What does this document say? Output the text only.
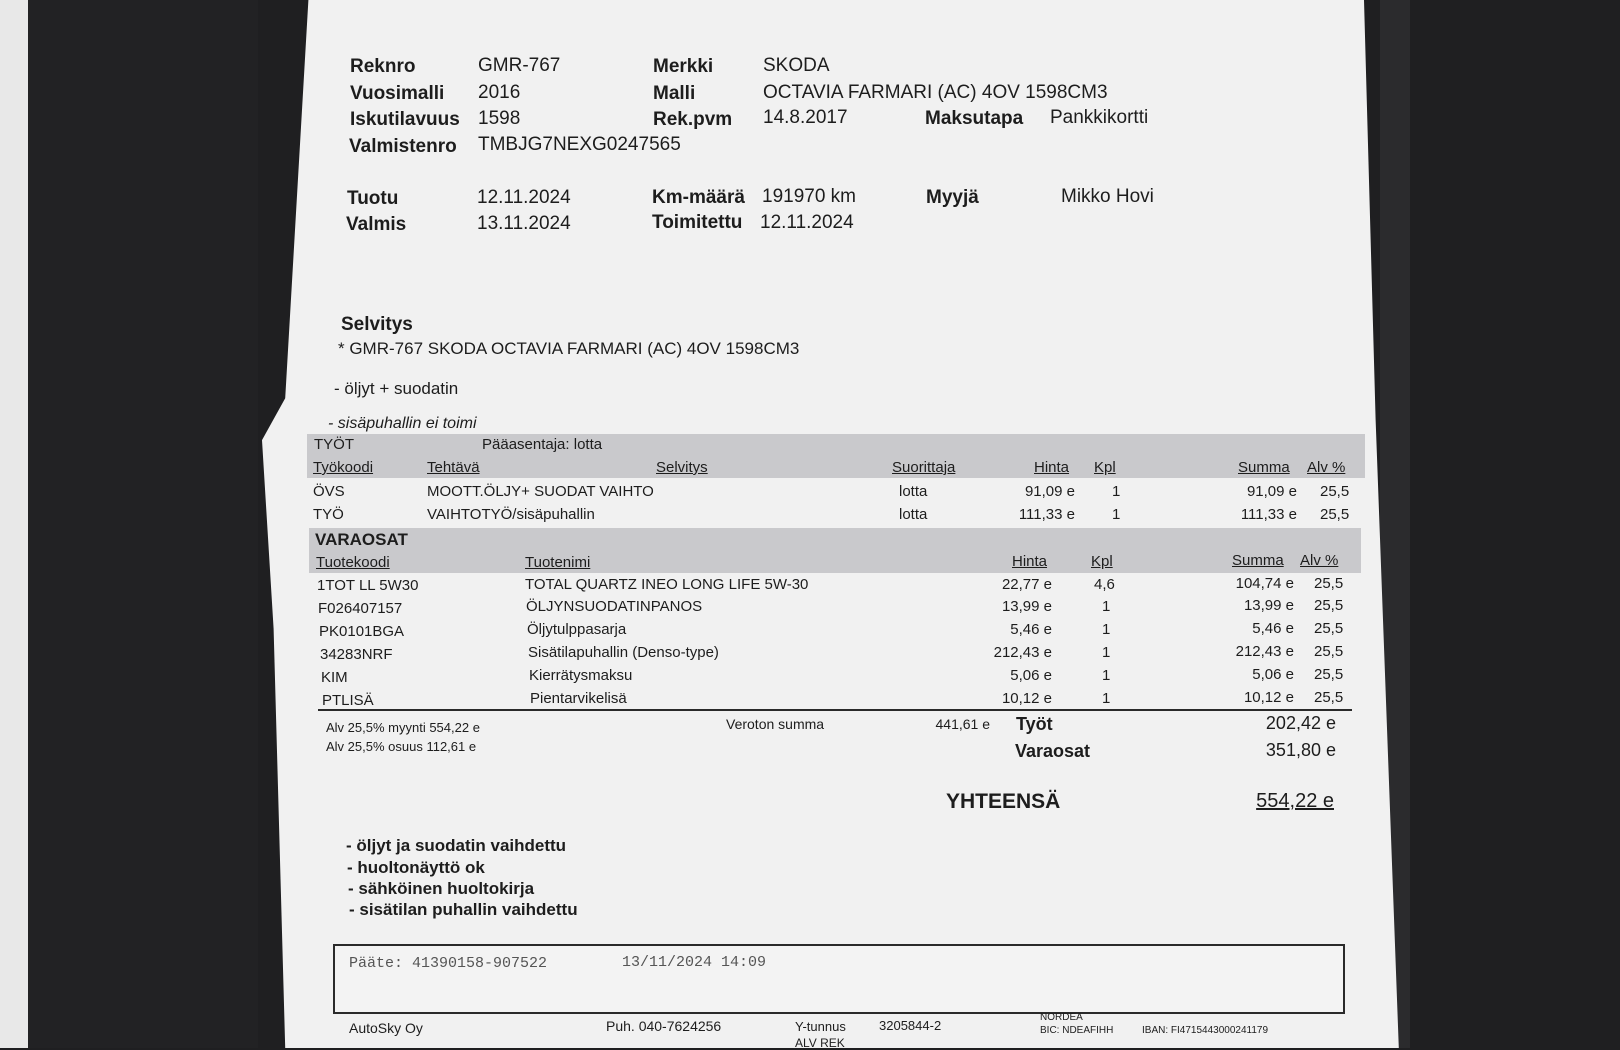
Reknro	GMR-767	Merkki	SKODA
Vuosimalli 2016	Malli	OCTAVIA FARMARI (AC) 4OV 1598CM3
Iskutilavuus 1598	Rek.pvm 14.8.2017	Maksutapa Pankkikortti
Valmistenro TMBJG7NEXG0247565
Tuotu	12.11.2024	Km-määrä 191970 km	Myyjä	Mikko Hovi
Valmis	13.11.2024	Toimitettu 12.11.2024
Selvitys
* GMR-767 SKODA OCTAVIA FARMARI (AC) 4OV 1598CM3
- öljyt + suodatin
- sisäpuhallin ei toimi
TYÖT	Pääasentaja: lotta
Työkoodi	Tehtävä	Selvitys	Suorittaja	Hinta Kpl	Summa Alv %
ÖVS	MOOTT.ÖLJY+ SUODAT VAIHTO	lotta	91,09 e 1	91,09 e 25,5
TYÖ	VAIHTOTYÖ/sisäpuhallin	lotta	111,33 e 1	111,33 e 25,5
VARAOSAT
Tuotekoodi	Tuotenimi	Hinta	Kpl	Summa Alv %
1TOT LL 5W30	TOTAL QUARTZ INEO LONG LIFE 5W-30	22,77 e	4,6	104,74 e 25,5
F026407157	ÖLJYNSUODATINPANOS	13,99 e	1	13,99 e 25,5
PK0101BGA	Öljytulppasarja	5,46 e	1	5,46 e 25,5
34283NRF	Sisätilapuhallin (Denso-type)	212,43 e	1	212,43 e 25,5
KIM	Kierrätysmaksu	5,06 e	1	5,06 e 25,5
PTLISÄ	Pientarvikelisä	10,12 e	1	10,12 e 25,5
Alv 25,5% myynti 554,22 e
Alv 25,5% osuus 112,61 e
Veroton summa	441,61 e Työt	202,42 e
Varaosat	351,80 e
YHTEENSÄ	554,22 e
- öljyt ja suodatin vaihdettu
- huoltonäyttö ok
- sähköinen huoltokirja
- sisätilan puhallin vaihdettu
Pääte: 41390158-907522	13/11/2024 14:09
AutoSky Oy	Puh. 040-7624256	Y-tunnus	3205844-2
ALV REK
NORDEA
BIC: NDEAFIHH	IBAN: FI4715443000241179
